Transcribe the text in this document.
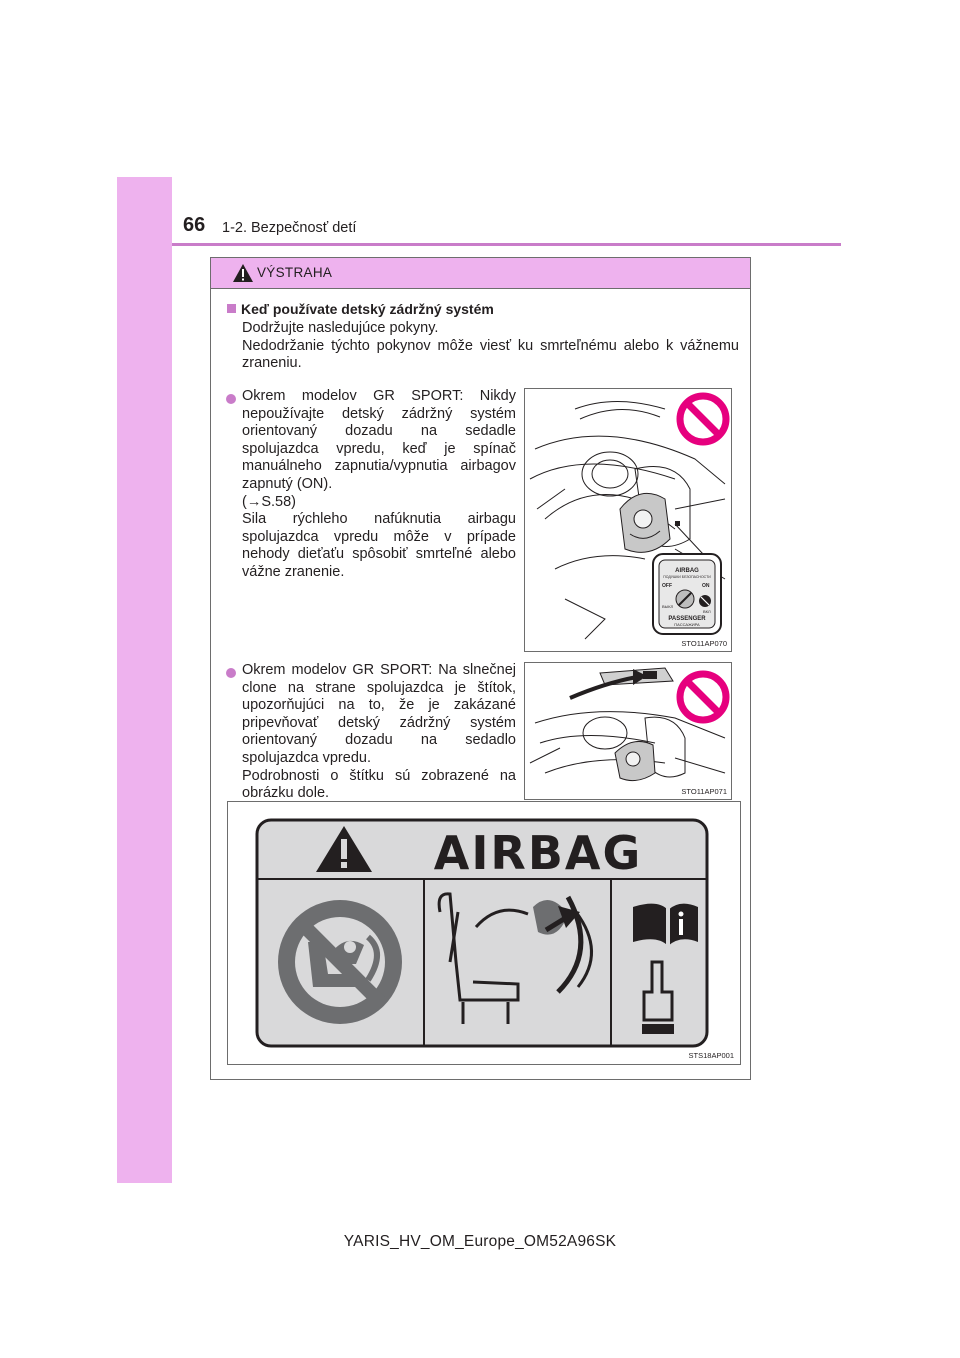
66 1-2. Bezpečnosť detí
VÝSTRAHA
Keď používate detský zádržný systém

Dodržujte nasledujúce pokyny.

Nedodržanie týchto pokynov môže viesť ku smrteľnému alebo k vážnemu zraneniu.

Okrem modelov GR SPORT: Nikdy nepoužívajte detský zádržný systém orientovaný dozadu na sedadle spolujazdca vpredu, keď je spínač manuálneho zapnutia/vypnutia airbagov zapnutý (ON).

(→S.58)

Sila rýchleho nafúknutia airbagu spolujazdca vpredu môže v prípade nehody dieťaťu spôsobiť smrteľné alebo vážne zranenie.	AIRBAG
ПОДУШКИ БЕЗОПАСНОСТИ
OFF	ON
ВЫКЛ
ВКЛ
PASSENGER
ПАССАЖИРА
STO11AP070

Okrem modelov GR SPORT: Na slnečnej clone na strane spolujazdca je štítok, upozorňujúci na to, že je zakázané pripevňovať detský zádržný systém orientovaný dozadu na sedadlo spolujazdca vpredu.

Podrobnosti o štítku sú zobrazené na obrázku dole.	STO11AP071
AIRBAG
STS18AP001
YARIS_HV_OM_Europe_OM52A96SK
